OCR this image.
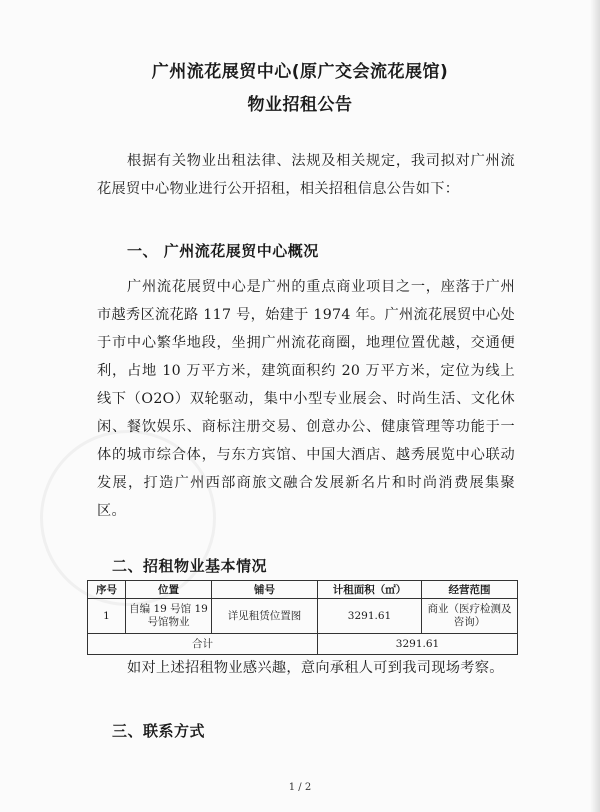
广州流花展贸中心(原广交会流花展馆)
物业招租公告
根据有关物业出租法律、法规及相关规定，我司拟对广州流花展贸中心物业进行公开招租，相关招租信息公告如下：
一、 广州流花展贸中心概况
广州流花展贸中心是广州的重点商业项目之一，座落于广州市越秀区流花路 117 号，始建于 1974 年。广州流花展贸中心处于市中心繁华地段，坐拥广州流花商圈，地理位置优越，交通便利，占地 10 万平方米，建筑面积约 20 万平方米，定位为线上线下（O2O）双轮驱动，集中小型专业展会、时尚生活、文化休闲、餐饮娱乐、商标注册交易、创意办公、健康管理等功能于一体的城市综合体，与东方宾馆、中国大酒店、越秀展览中心联动发展，打造广州西部商旅文融合发展新名片和时尚消费展集聚区。
二、招租物业基本情况
序号	位置	铺号	计租面积（㎡）	经营范围
1	自编 19 号馆 19 号馆物业	详见租赁位置图	3291.61	商业（医疗检测及咨询）
合计			3291.61	
如对上述招租物业感兴趣，意向承租人可到我司现场考察。
三、联系方式
1 / 2
